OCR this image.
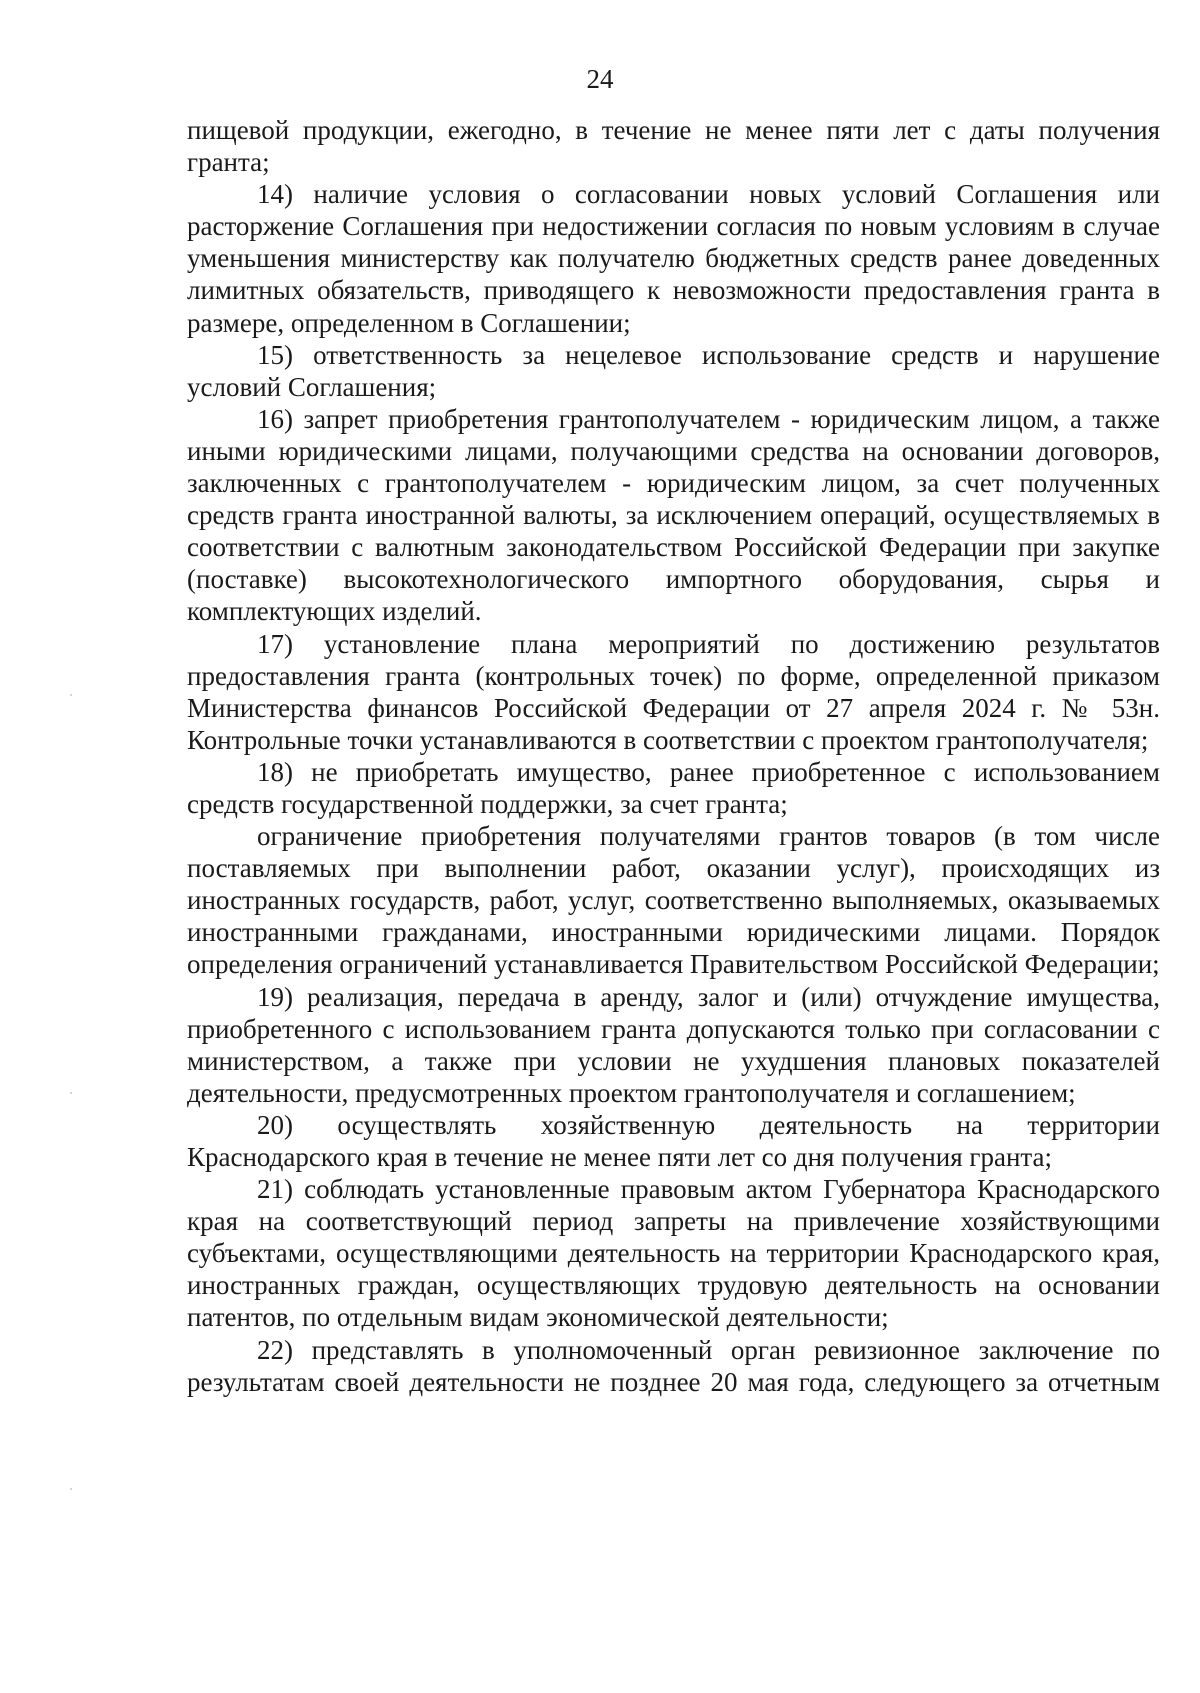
24

пищевой продукции, ежегодно, в течение не менее пяти лет с даты получения гранта;

14) наличие условия о согласовании новых условий Соглашения или расторжение Соглашения при недостижении согласия по новым условиям в случае уменьшения министерству как получателю бюджетных средств ранее доведенных лимитных обязательств, приводящего к невозможности предоставления гранта в размере, определенном в Соглашении;

15) ответственность за нецелевое использование средств и нарушение условий Соглашения;

16) запрет приобретения грантополучателем - юридическим лицом, а также иными юридическими лицами, получающими средства на основании договоров, заключенных с грантополучателем - юридическим лицом, за счет полученных средств гранта иностранной валюты, за исключением операций, осуществляемых в соответствии с валютным законодательством Российской Федерации при закупке (поставке) высокотехнологического импортного оборудования, сырья и комплектующих изделий.

17) установление плана мероприятий по достижению результатов предоставления гранта (контрольных точек) по форме, определенной приказом Министерства финансов Российской Федерации от 27 апреля 2024 г. № 53н. Контрольные точки устанавливаются в соответствии с проектом грантополучателя;

18) не приобретать имущество, ранее приобретенное с использованием средств государственной поддержки, за счет гранта;

ограничение приобретения получателями грантов товаров (в том числе поставляемых при выполнении работ, оказании услуг), происходящих из иностранных государств, работ, услуг, соответственно выполняемых, оказываемых иностранными гражданами, иностранными юридическими лицами. Порядок определения ограничений устанавливается Правительством Российской Федерации;

19) реализация, передача в аренду, залог и (или) отчуждение имущества, приобретенного с использованием гранта допускаются только при согласовании с министерством, а также при условии не ухудшения плановых показателей деятельности, предусмотренных проектом грантополучателя и соглашением;

20) осуществлять хозяйственную деятельность на территории Краснодарского края в течение не менее пяти лет со дня получения гранта;

21) соблюдать установленные правовым актом Губернатора Краснодарского края на соответствующий период запреты на привлечение хозяйствующими субъектами, осуществляющими деятельность на территории Краснодарского края, иностранных граждан, осуществляющих трудовую деятельность на основании патентов, по отдельным видам экономической деятельности;

22) представлять в уполномоченный орган ревизионное заключение по результатам своей деятельности не позднее 20 мая года, следующего за отчетным
